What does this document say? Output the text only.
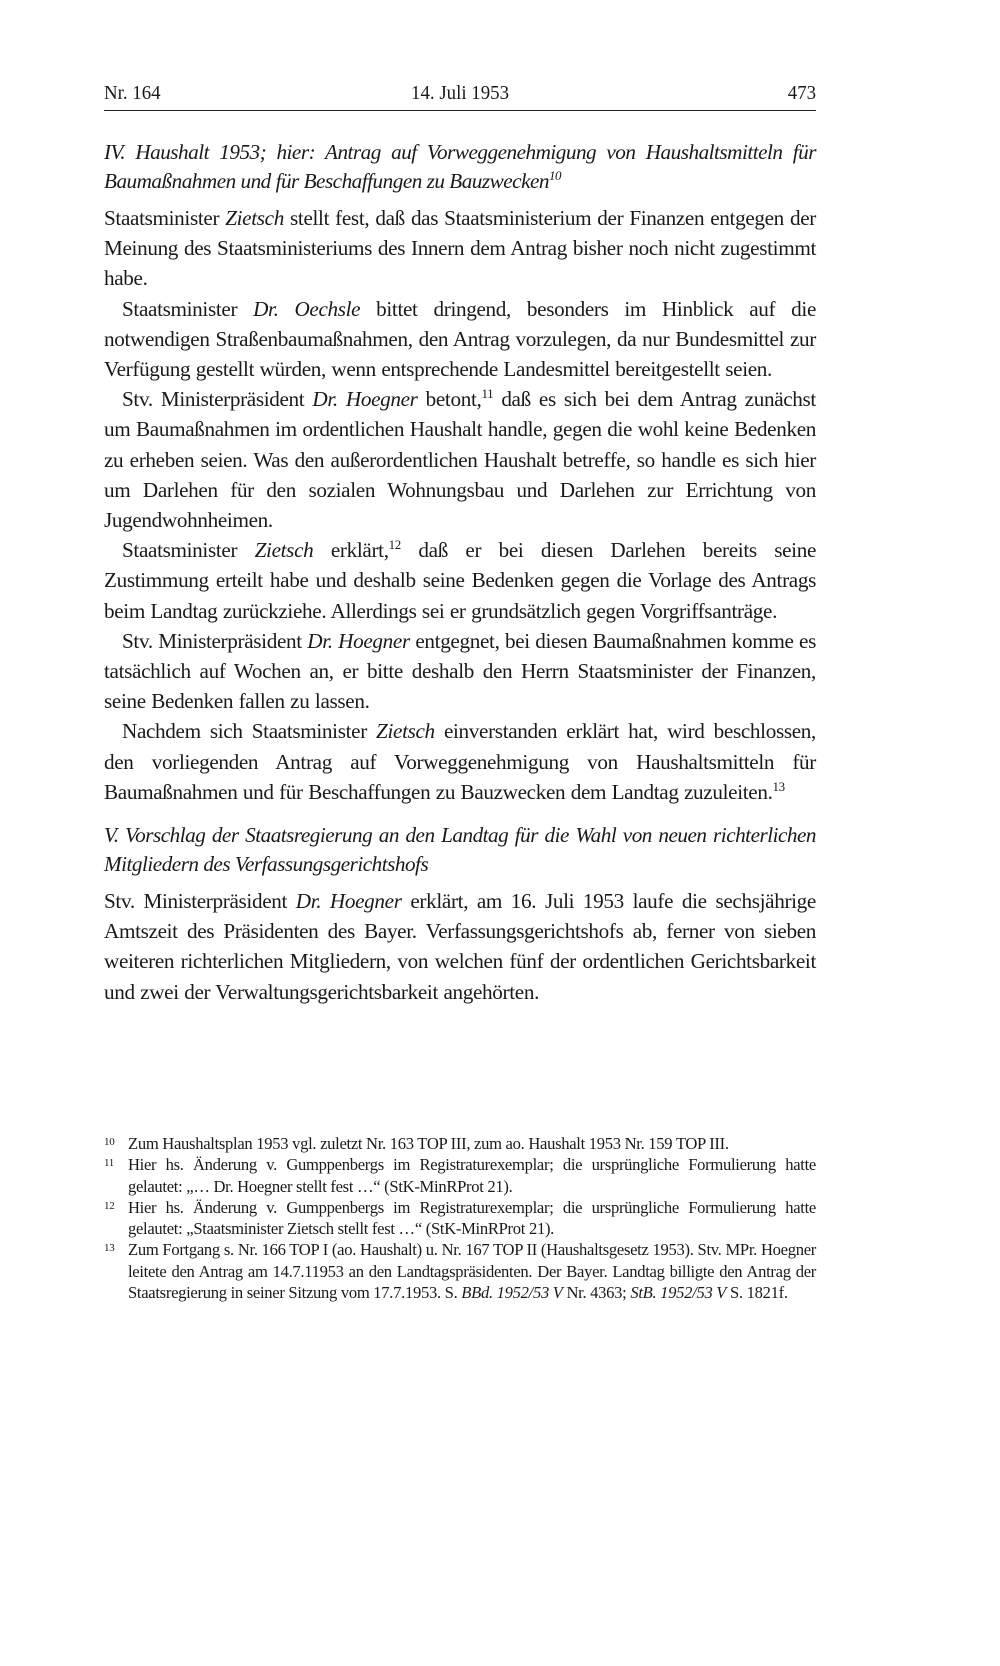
Nr. 164	14. Juli 1953	473
IV. Haushalt 1953; hier: Antrag auf Vorweggenehmigung von Haushaltsmitteln für Baumaßnahmen und für Beschaffungen zu Bauzwecken$^{10}$

Staatsminister Zietsch stellt fest, daß das Staatsministerium der Finanzen entgegen der Meinung des Staatsministeriums des Innern dem Antrag bisher noch nicht zugestimmt habe.

Staatsminister Dr. Oechsle bittet dringend, besonders im Hinblick auf die notwendigen Straßenbaumaßnahmen, den Antrag vorzulegen, da nur Bundesmittel zur Verfügung gestellt würden, wenn entsprechende Landesmittel bereitgestellt seien.

Stv. Ministerpräsident Dr. Hoegner betont,$^{11}$ daß es sich bei dem Antrag zunächst um Baumaßnahmen im ordentlichen Haushalt handle, gegen die wohl keine Bedenken zu erheben seien. Was den außerordentlichen Haushalt betreffe, so handle es sich hier um Darlehen für den sozialen Wohnungsbau und Darlehen zur Errichtung von Jugendwohnheimen.

Staatsminister Zietsch erklärt,$^{12}$ daß er bei diesen Darlehen bereits seine Zustimmung erteilt habe und deshalb seine Bedenken gegen die Vorlage des Antrags beim Landtag zurückziehe. Allerdings sei er grundsätzlich gegen Vorgriffsanträge.

Stv. Ministerpräsident Dr. Hoegner entgegnet, bei diesen Baumaßnahmen komme es tatsächlich auf Wochen an, er bitte deshalb den Herrn Staatsminister der Finanzen, seine Bedenken fallen zu lassen.

Nachdem sich Staatsminister Zietsch einverstanden erklärt hat, wird beschlossen, den vorliegenden Antrag auf Vorweggenehmigung von Haushaltsmitteln für Baumaßnahmen und für Beschaffungen zu Bauzwecken dem Landtag zuzuleiten.$^{13}$

V. Vorschlag der Staatsregierung an den Landtag für die Wahl von neuen richterlichen Mitgliedern des Verfassungsgerichtshofs

Stv. Ministerpräsident Dr. Hoegner erklärt, am 16. Juli 1953 laufe die sechsjährige Amtszeit des Präsidenten des Bayer. Verfassungsgerichtshofs ab, ferner von sieben weiteren richterlichen Mitgliedern, von welchen fünf der ordentlichen Gerichtsbarkeit und zwei der Verwaltungsgerichtsbarkeit angehörten.

10 Zum Haushaltsplan 1953 vgl. zuletzt Nr. 163 TOP III, zum ao. Haushalt 1953 Nr. 159 TOP III.
11 Hier hs. Änderung v. Gumppenbergs im Registraturexemplar; die ursprüngliche Formulierung hatte gelautet: „… Dr. Hoegner stellt fest …“ (StK-MinRProt 21).
12 Hier hs. Änderung v. Gumppenbergs im Registraturexemplar; die ursprüngliche Formulierung hatte gelautet: „Staatsminister Zietsch stellt fest …“ (StK-MinRProt 21).
13 Zum Fortgang s. Nr. 166 TOP I (ao. Haushalt) u. Nr. 167 TOP II (Haushaltsgesetz 1953). Stv. MPr. Hoegner leitete den Antrag am 14.7.11953 an den Landtagspräsidenten. Der Bayer. Landtag billigte den Antrag der Staatsregierung in seiner Sitzung vom 17.7.1953. S. BBd. 1952/53 V Nr. 4363; StB. 1952/53 V S. 1821f.
